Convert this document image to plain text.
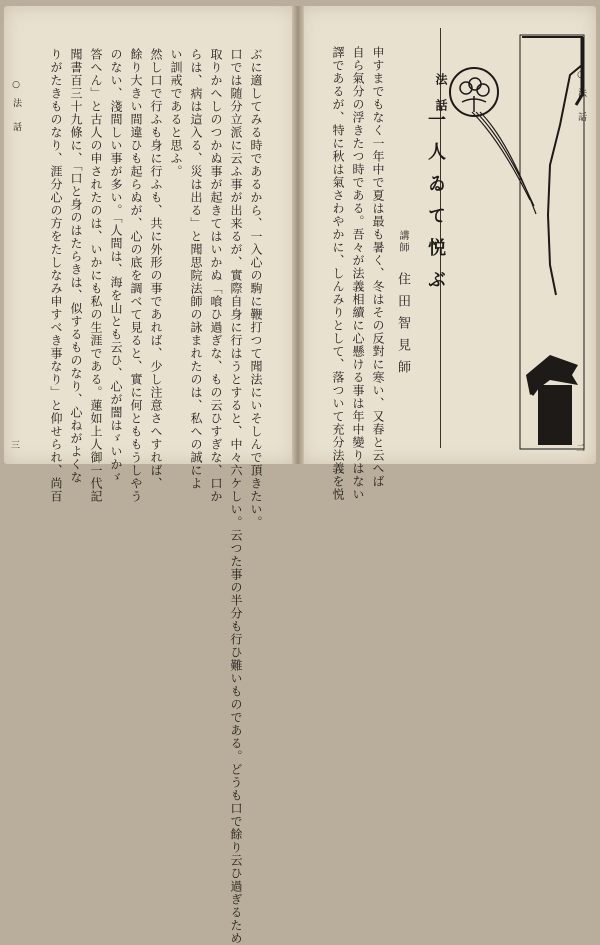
○法
話
三	ぶに適してみる時であるから、一入心の駒に鞭打つて聞法にいそしんで頂きたい。
口では随分立派に云ふ事が出来るが、實際自身に行はうとすると、中々六ケしい。云つた事の半分も行ひ難いものである。どうも口で餘り云ひ過ぎるため
取りかへしのつかぬ事が起きてはいかぬ「喰ひ過ぎな、もの云ひすぎな、口か
らは、病は這入る、災は出る」と聞思院法師の詠まれたのは、私への誠によ
い訓戒であると思ふ。
然し口で行ふも身に行ふも、共に外形の事であれば、少し注意さへすれば、
餘り大きい間違ひも起らぬが、心の底を調べて見ると、實に何とももうしやう
のない、淺間しい事が多い。「人間は、海を山とも云ひ、心が闇はゞいかゞ
答へん」と古人の申されたのは、いかにも私の生涯である。蓮如上人御一代記
聞書百三十九條に、「口と身のはたらきは、似するものなり、心ねがよくな
りがたきものなり、涯分心の方をたしなみ申すべき事なり」と仰せられ、尚百	○法
話
二
申すまでもなく一年中で夏は最も暑く、冬はその反對に寒い、又春と云へば
自ら氣分の浮きたつ時である。吾々が法義相續に心懸ける事は年中變りはない
譯であるが、特に秋は氣さわやかに、しんみりとして、落ついて充分法義を悦	法話
一人ゐて悦ぶ
講師
住田智見師
